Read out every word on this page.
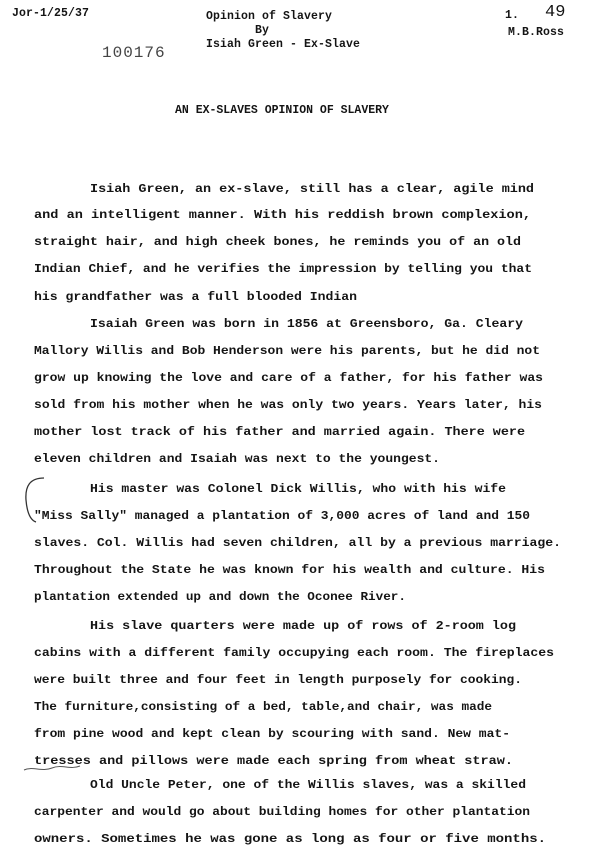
Jor-1/25/37	Opinion of Slavery
By
Isiah Green - Ex-Slave
1. 49
M.B.Ross
100176
AN EX-SLAVES OPINION OF SLAVERY
Isiah Green, an ex-slave, still has a clear, agile mind
and an intelligent manner. With his reddish brown complexion,
straight hair, and high cheek bones, he reminds you of an old
Indian Chief, and he verifies the impression by telling you that
his grandfather was a full blooded Indian
Isaiah Green was born in 1856 at Greensboro, Ga. Cleary
Mallory Willis and Bob Henderson were his parents, but he did not
grow up knowing the love and care of a father, for his father was
sold from his mother when he was only two years. Years later, his
mother lost track of his father and married again. There were
eleven children and Isaiah was next to the youngest.
His master was Colonel Dick Willis, who with his wife
"Miss Sally" managed a plantation of 3,000 acres of land and 150
slaves. Col. Willis had seven children, all by a previous marriage.
Throughout the State he was known for his wealth and culture. His
plantation extended up and down the Oconee River.
His slave quarters were made up of rows of 2-room log
cabins with a different family occupying each room. The fireplaces
were built three and four feet in length purposely for cooking.
The furniture,consisting of a bed, table,and chair, was made
from pine wood and kept clean by scouring with sand. New mat-
tresses and pillows were made each spring from wheat straw.
Old Uncle Peter, one of the Willis slaves, was a skilled
carpenter and would go about building homes for other plantation
owners. Sometimes he was gone as long as four or five months.
